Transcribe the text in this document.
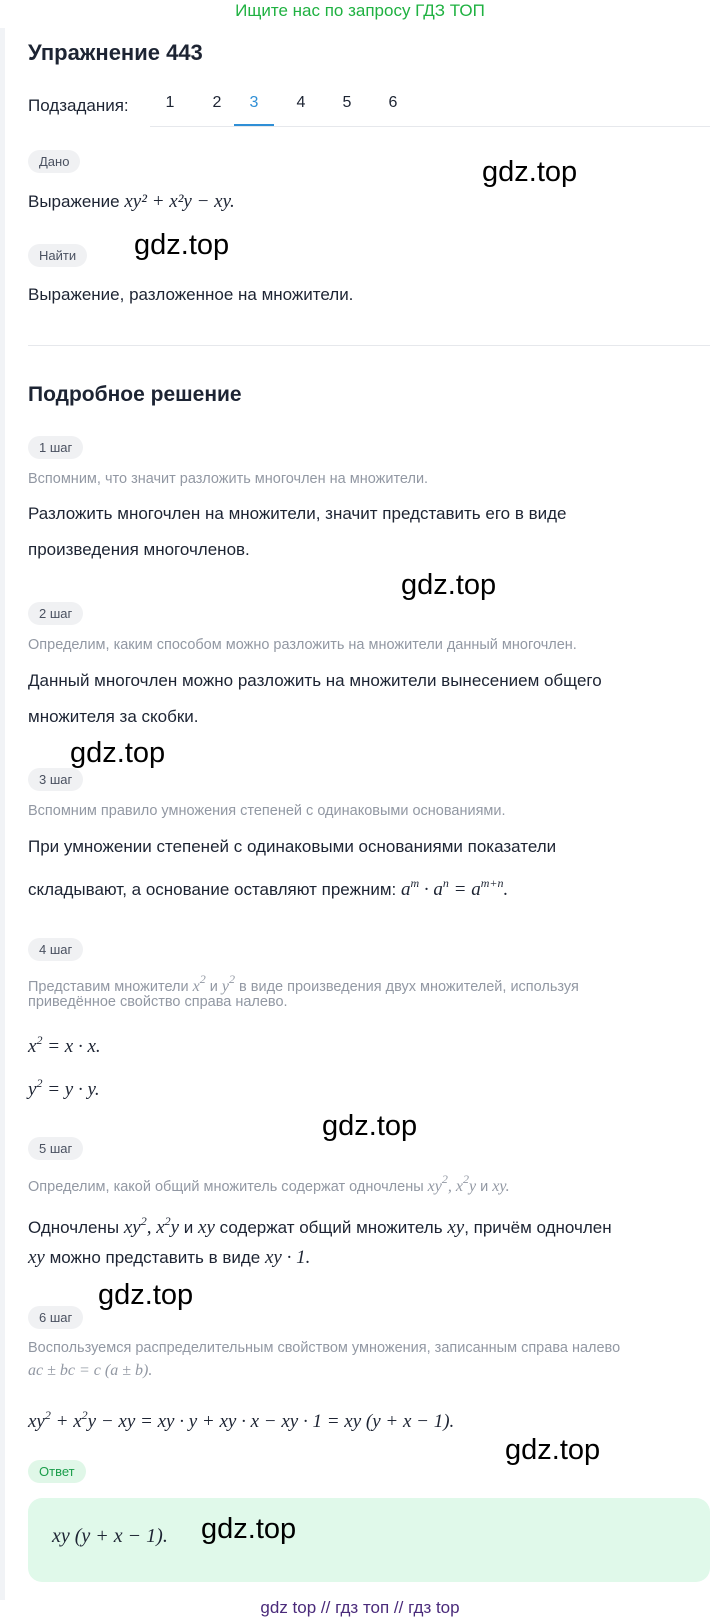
Ищите нас по запросу ГДЗ ТОП
Упражнение 443
Подзадания:	1	2	3	4	5	6
Дано
Выражение xy² + x²y − xy.
Найти
Выражение, разложенное на множители.
Подробное решение
1 шаг
Вспомним, что значит разложить многочлен на множители.
Разложить многочлен на множители, значит представить его в виде
произведения многочленов.
2 шаг
Определим, каким способом можно разложить на множители данный многочлен.
Данный многочлен можно разложить на множители вынесением общего
множителя за скобки.
3 шаг
Вспомним правило умножения степеней с одинаковыми основаниями.
При умножении степеней с одинаковыми основаниями показатели
складывают, а основание оставляют прежним: $a^m \cdot a^n = a^{m+n}$.
4 шаг
Представим множители $x^2$ и $y^2$ в виде произведения двух множителей, используя
приведённое свойство справа налево.
$x^2 = x \cdot x$.
$y^2 = y \cdot y$.
5 шаг
Определим, какой общий множитель содержат одночлены $xy^2$, $x^2y$ и xy.
Одночлены $xy^2$, $x^2y$ и xy содержат общий множитель xy, причём одночлен
xy можно представить в виде xy · 1.
6 шаг
Воспользуемся распределительным свойством умножения, записанным справа налево
ac ± bc = c (a ± b).
$xy^2 + x^2y$ − xy = xy · y + xy · x − xy · 1 = xy (y + x − 1).
Ответ
xy (y + x − 1).
gdz.top
gdz.top
gdz.top
gdz.top
gdz.top
gdz.top
gdz.top
gdz.top
gdz top // гдз топ // гдз top
